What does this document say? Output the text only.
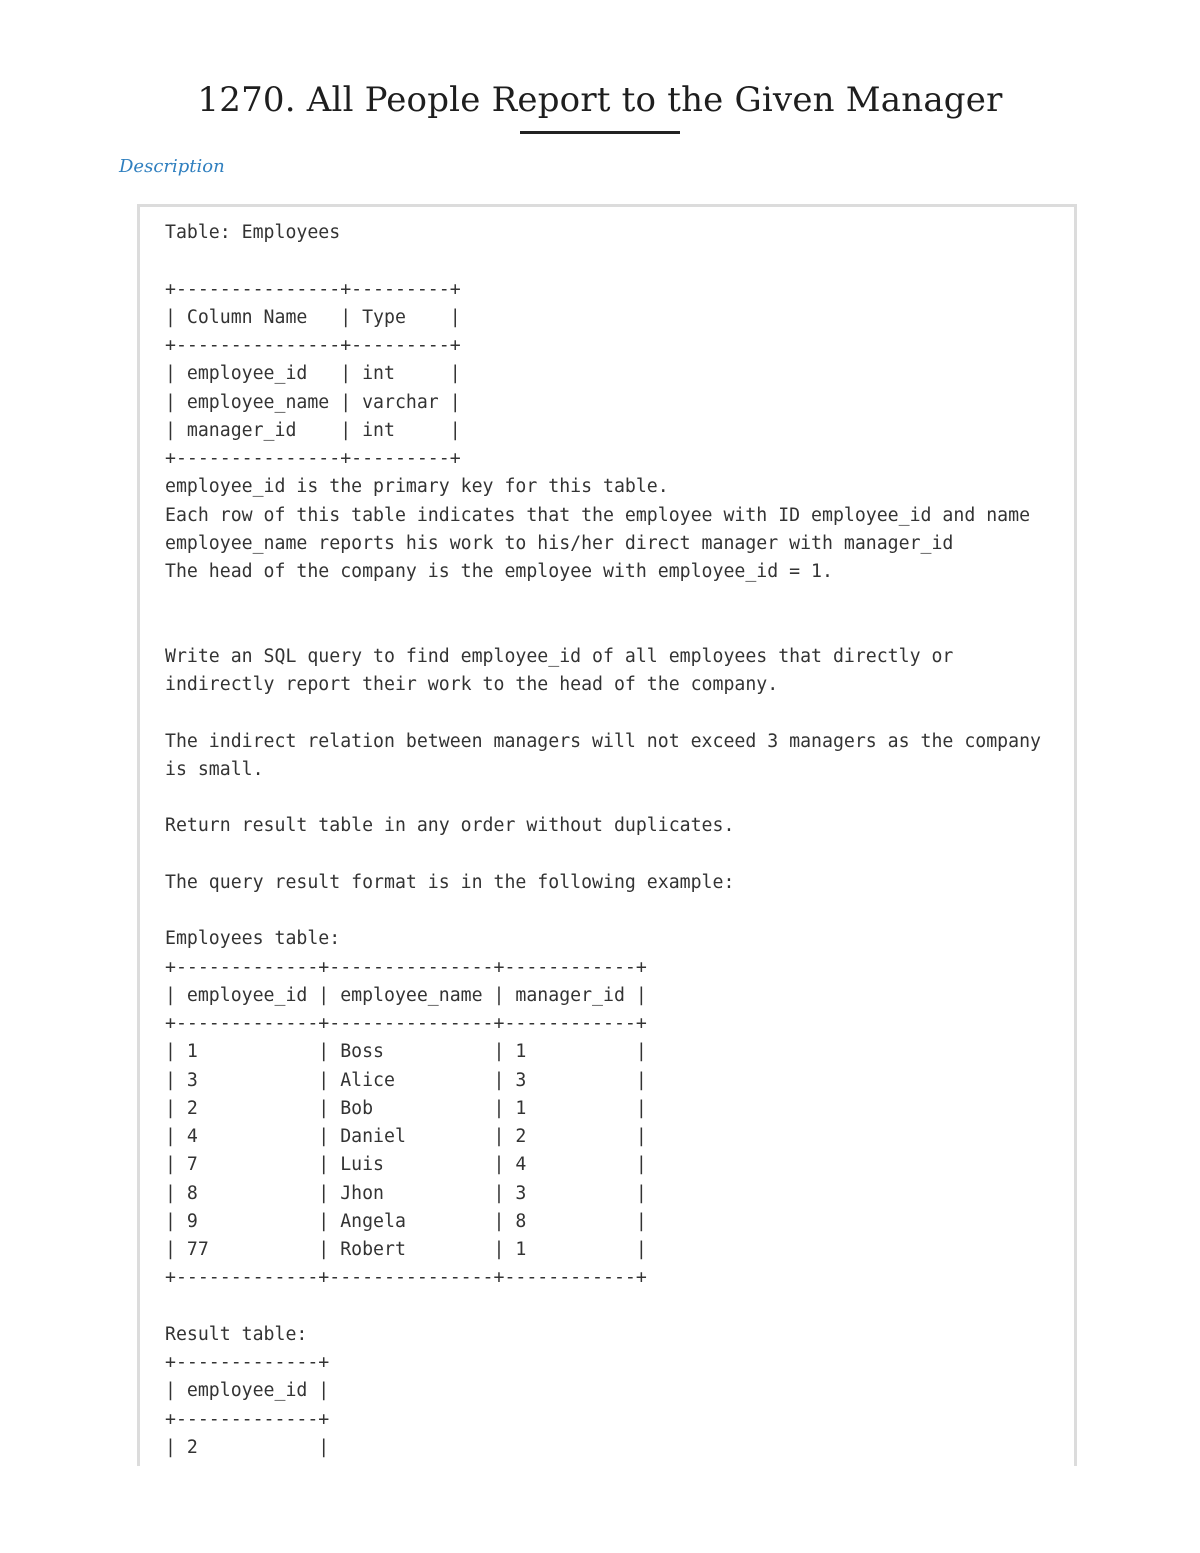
1270. All People Report to the Given Manager
Description
Table: Employees

+---------------+---------+
| Column Name   | Type    |
+---------------+---------+
| employee_id   | int     |
| employee_name | varchar |
| manager_id    | int     |
+---------------+---------+
employee_id is the primary key for this table.
Each row of this table indicates that the employee with ID employee_id and name
employee_name reports his work to his/her direct manager with manager_id
The head of the company is the employee with employee_id = 1.

Write an SQL query to find employee_id of all employees that directly or
indirectly report their work to the head of the company.

The indirect relation between managers will not exceed 3 managers as the company
is small.

Return result table in any order without duplicates.

The query result format is in the following example:

Employees table:
+-------------+---------------+------------+
| employee_id | employee_name | manager_id |
+-------------+---------------+------------+
| 1           | Boss          | 1          |
| 3           | Alice         | 3          |
| 2           | Bob           | 1          |
| 4           | Daniel        | 2          |
| 7           | Luis          | 4          |
| 8           | Jhon          | 3          |
| 9           | Angela        | 8          |
| 77          | Robert        | 1          |
+-------------+---------------+------------+

Result table:
+-------------+
| employee_id |
+-------------+
| 2           |
